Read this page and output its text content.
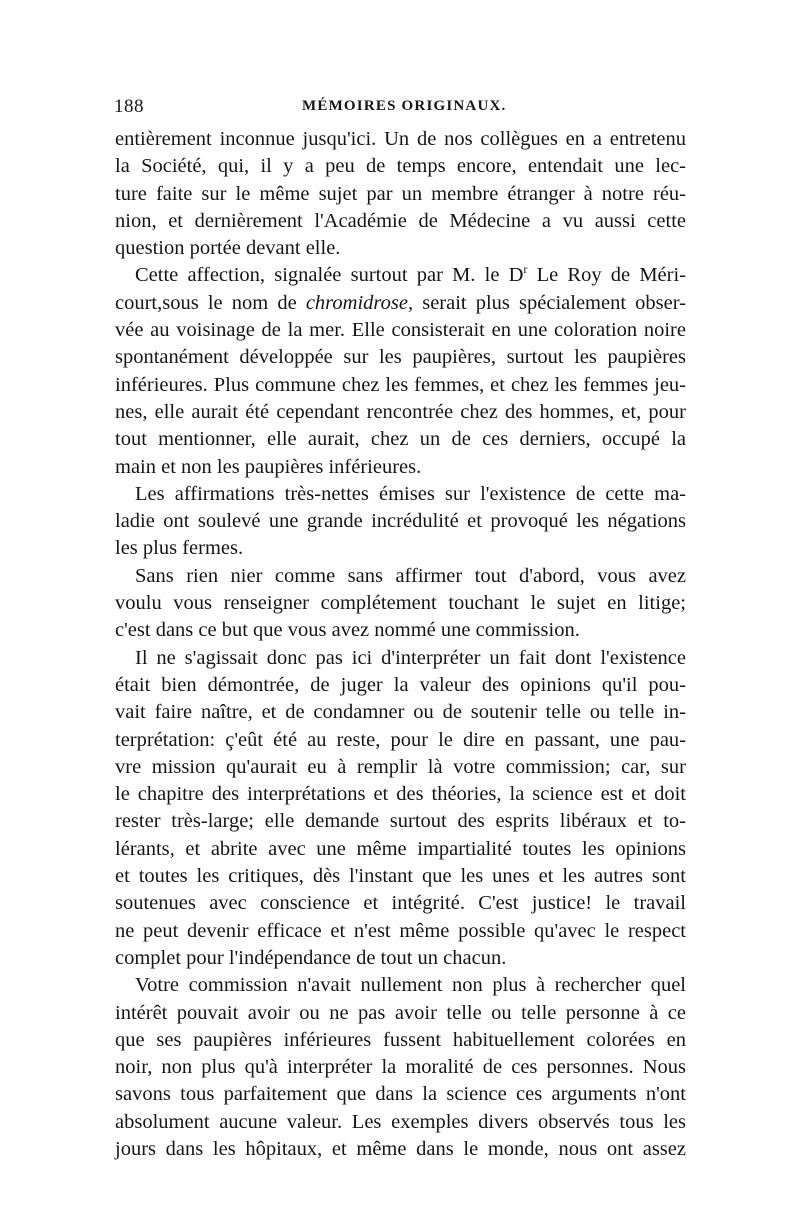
188	MÉMOIRES ORIGINAUX.
entièrement inconnue jusqu'ici. Un de nos collègues en a entretenu
la Société, qui, il y a peu de temps encore, entendait une lec-
ture faite sur le même sujet par un membre étranger à notre réu-
nion, et dernièrement l'Académie de Médecine a vu aussi cette
question portée devant elle.
Cette affection, signalée surtout par M. le $D^r$ Le Roy de Méri-
court,sous le nom de chromidrose, serait plus spécialement obser-
vée au voisinage de la mer. Elle consisterait en une coloration noire
spontanément développée sur les paupières, surtout les paupières
inférieures. Plus commune chez les femmes, et chez les femmes jeu-
nes, elle aurait été cependant rencontrée chez des hommes, et, pour
tout mentionner, elle aurait, chez un de ces derniers, occupé la
main et non les paupières inférieures.
Les affirmations très-nettes émises sur l'existence de cette ma-
ladie ont soulevé une grande incrédulité et provoqué les négations
les plus fermes.
Sans rien nier comme sans affirmer tout d'abord, vous avez
voulu vous renseigner complétement touchant le sujet en litige;
c'est dans ce but que vous avez nommé une commission.
Il ne s'agissait donc pas ici d'interpréter un fait dont l'existence
était bien démontrée, de juger la valeur des opinions qu'il pou-
vait faire naître, et de condamner ou de soutenir telle ou telle in-
terprétation: ç'eût été au reste, pour le dire en passant, une pau-
vre mission qu'aurait eu à remplir là votre commission; car, sur
le chapitre des interprétations et des théories, la science est et doit
rester très-large; elle demande surtout des esprits libéraux et to-
lérants, et abrite avec une même impartialité toutes les opinions
et toutes les critiques, dès l'instant que les unes et les autres sont
soutenues avec conscience et intégrité. C'est justice! le travail
ne peut devenir efficace et n'est même possible qu'avec le respect
complet pour l'indépendance de tout un chacun.
Votre commission n'avait nullement non plus à rechercher quel
intérêt pouvait avoir ou ne pas avoir telle ou telle personne à ce
que ses paupières inférieures fussent habituellement colorées en
noir, non plus qu'à interpréter la moralité de ces personnes. Nous
savons tous parfaitement que dans la science ces arguments n'ont
absolument aucune valeur. Les exemples divers observés tous les
jours dans les hôpitaux, et même dans le monde, nous ont assez
